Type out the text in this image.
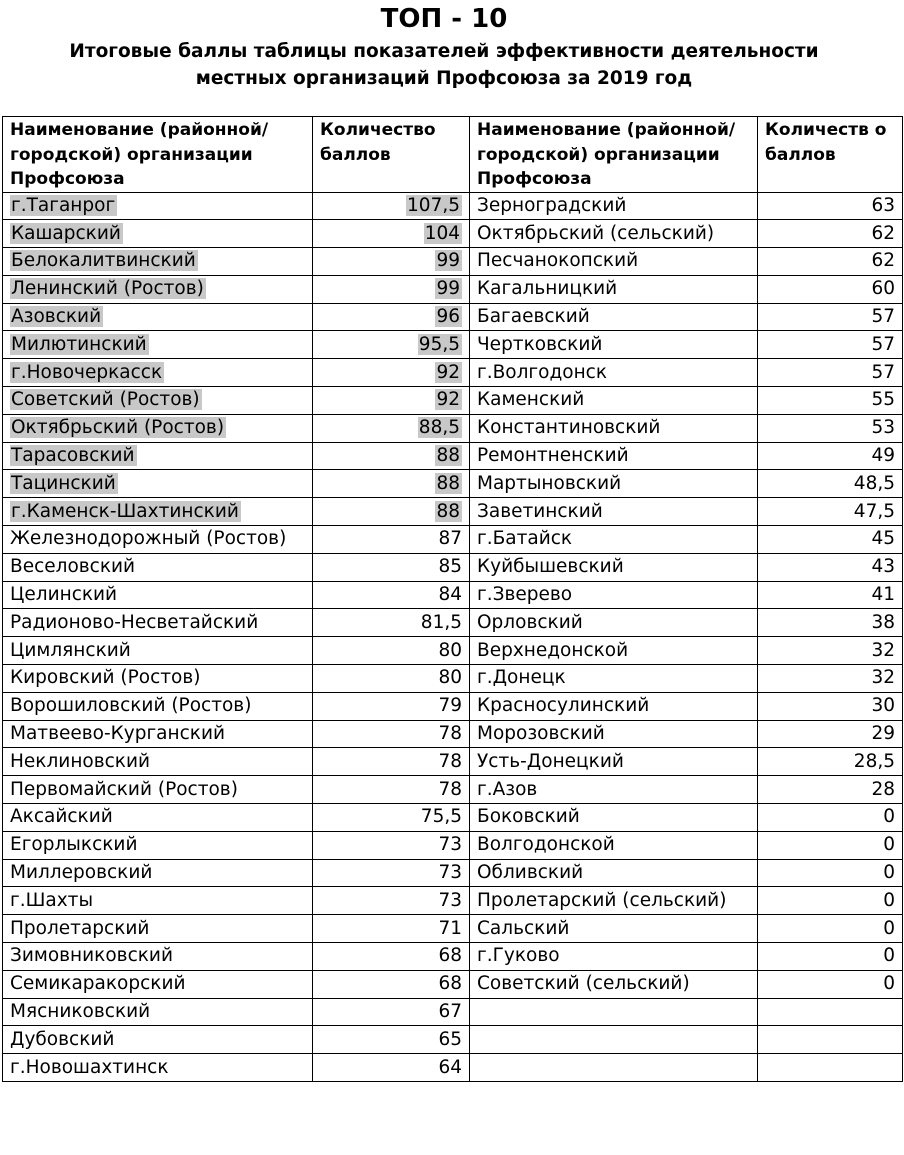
ТОП - 10
Итоговые баллы таблицы показателей эффективности деятельности
местных организаций Профсоюза за 2019 год
Наименование (районной/городской) организации Профсоюза	Количество баллов	Наименование (районной/городской) организации Профсоюза	Количеств о баллов
г.Таганрог	107,5	Зерноградский	63
Кашарский	104	Октябрьский (сельский)	62
Белокалитвинский	99	Песчанокопский	62
Ленинский (Ростов)	99	Кагальницкий	60
Азовский	96	Багаевский	57
Милютинский	95,5	Чертковский	57
г.Новочеркасск	92	г.Волгодонск	57
Советский (Ростов)	92	Каменский	55
Октябрьский (Ростов)	88,5	Константиновский	53
Тарасовский	88	Ремонтненский	49
Тацинский	88	Мартыновский	48,5
г.Каменск-Шахтинский	88	Заветинский	47,5
Железнодорожный (Ростов)	87	г.Батайск	45
Веселовский	85	Куйбышевский	43
Целинский	84	г.Зверево	41
Радионово-Несветайский	81,5	Орловский	38
Цимлянский	80	Верхнедонской	32
Кировский (Ростов)	80	г.Донецк	32
Ворошиловский (Ростов)	79	Красносулинский	30
Матвеево-Курганский	78	Морозовский	29
Неклиновский	78	Усть-Донецкий	28,5
Первомайский (Ростов)	78	г.Азов	28
Аксайский	75,5	Боковский	0
Егорлыкский	73	Волгодонской	0
Миллеровский	73	Обливский	0
г.Шахты	73	Пролетарский (сельский)	0
Пролетарский	71	Сальский	0
Зимовниковский	68	г.Гуково	0
Семикаракорский	68	Советский (сельский)	0
Мясниковский	67		
Дубовский	65		
г.Новошахтинск	64		
